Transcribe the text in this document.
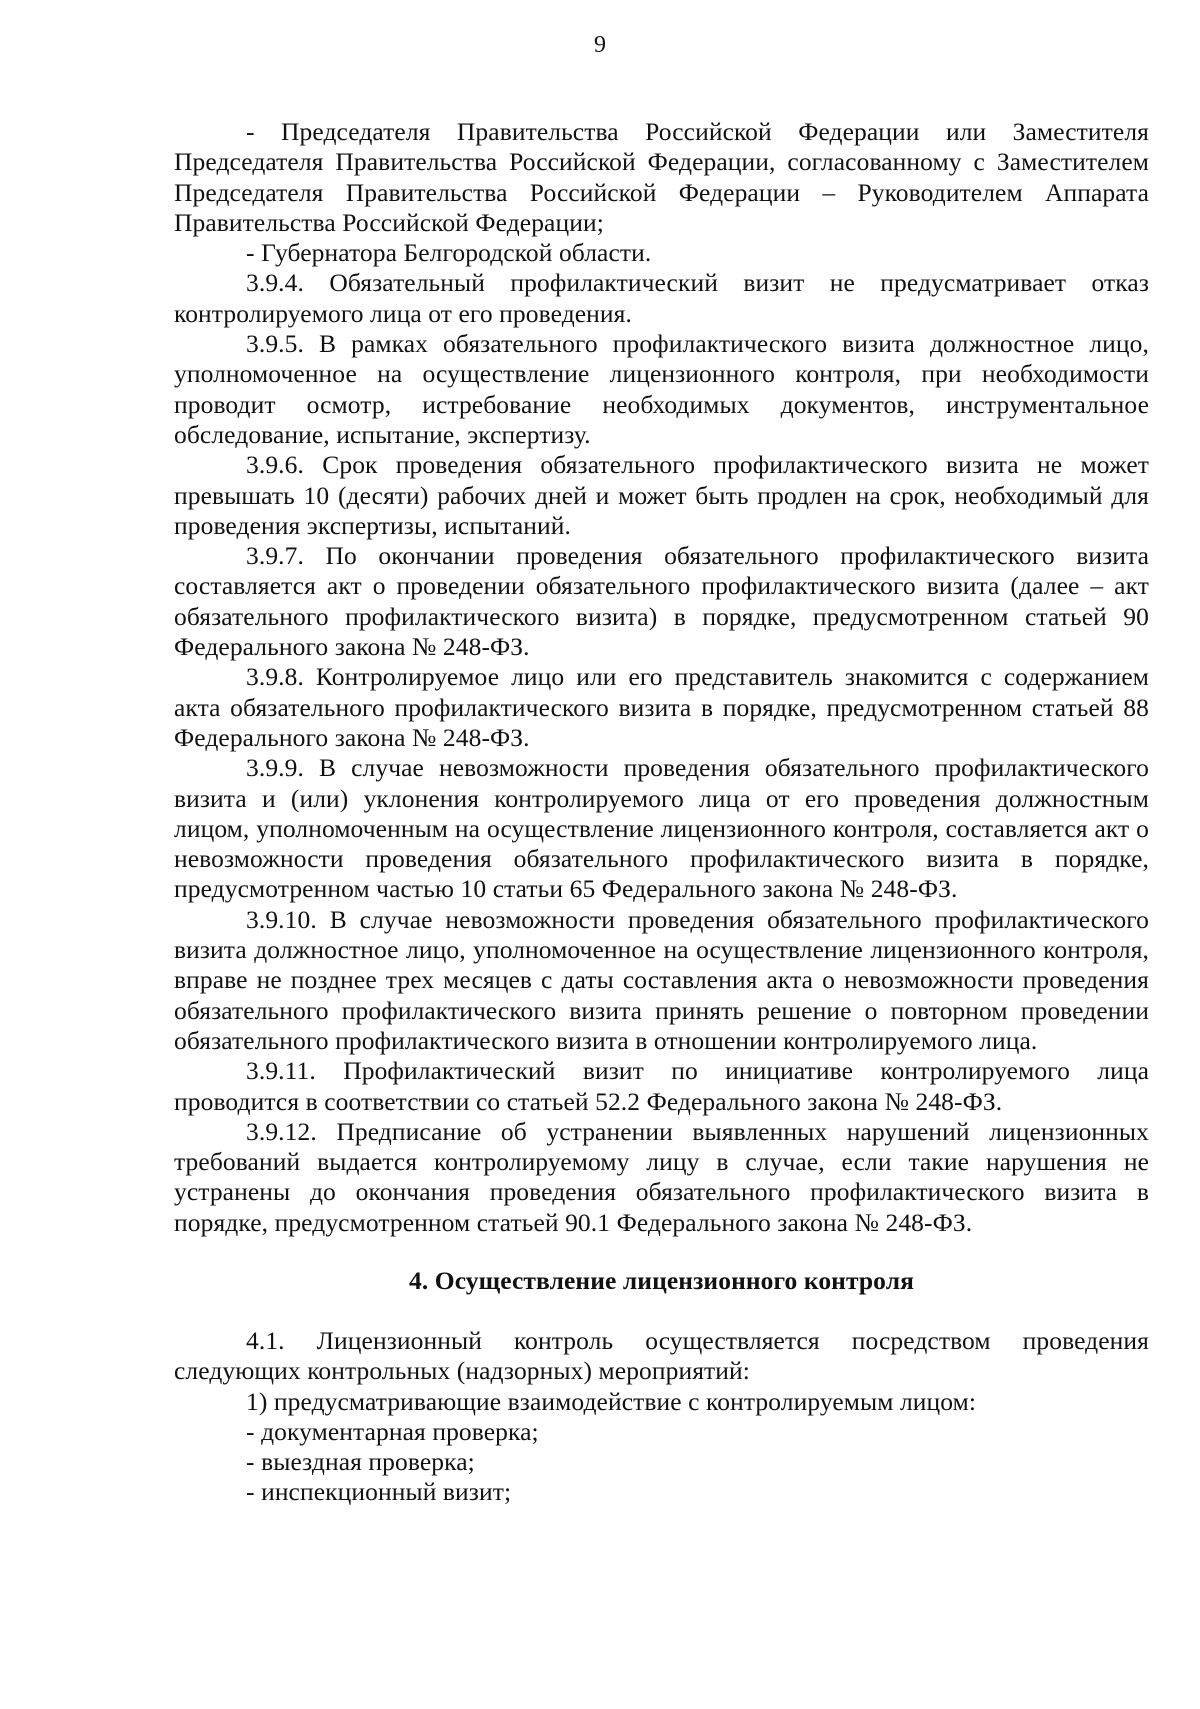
9

- Председателя Правительства Российской Федерации или Заместителя Председателя Правительства Российской Федерации, согласованному с Заместителем Председателя Правительства Российской Федерации – Руководителем Аппарата Правительства Российской Федерации;

- Губернатора Белгородской области.

3.9.4. Обязательный профилактический визит не предусматривает отказ контролируемого лица от его проведения.

3.9.5. В рамках обязательного профилактического визита должностное лицо, уполномоченное на осуществление лицензионного контроля, при необходимости проводит осмотр, истребование необходимых документов, инструментальное обследование, испытание, экспертизу.

3.9.6. Срок проведения обязательного профилактического визита не может превышать 10 (десяти) рабочих дней и может быть продлен на срок, необходимый для проведения экспертизы, испытаний.

3.9.7. По окончании проведения обязательного профилактического визита составляется акт о проведении обязательного профилактического визита (далее – акт обязательного профилактического визита) в порядке, предусмотренном статьей 90 Федерального закона № 248-ФЗ.

3.9.8. Контролируемое лицо или его представитель знакомится с содержанием акта обязательного профилактического визита в порядке, предусмотренном статьей 88 Федерального закона № 248-ФЗ.

3.9.9. В случае невозможности проведения обязательного профилактического визита и (или) уклонения контролируемого лица от его проведения должностным лицом, уполномоченным на осуществление лицензионного контроля, составляется акт о невозможности проведения обязательного профилактического визита в порядке, предусмотренном частью 10 статьи 65 Федерального закона № 248-ФЗ.

3.9.10. В случае невозможности проведения обязательного профилактического визита должностное лицо, уполномоченное на осуществление лицензионного контроля, вправе не позднее трех месяцев с даты составления акта о невозможности проведения обязательного профилактического визита принять решение о повторном проведении обязательного профилактического визита в отношении контролируемого лица.

3.9.11. Профилактический визит по инициативе контролируемого лица проводится в соответствии со статьей 52.2 Федерального закона № 248-ФЗ.

3.9.12. Предписание об устранении выявленных нарушений лицензионных требований выдается контролируемому лицу в случае, если такие нарушения не устранены до окончания проведения обязательного профилактического визита в порядке, предусмотренном статьей 90.1 Федерального закона № 248-ФЗ.

4. Осуществление лицензионного контроля

4.1. Лицензионный контроль осуществляется посредством проведения следующих контрольных (надзорных) мероприятий:

1) предусматривающие взаимодействие с контролируемым лицом:

- документарная проверка;

- выездная проверка;

- инспекционный визит;
